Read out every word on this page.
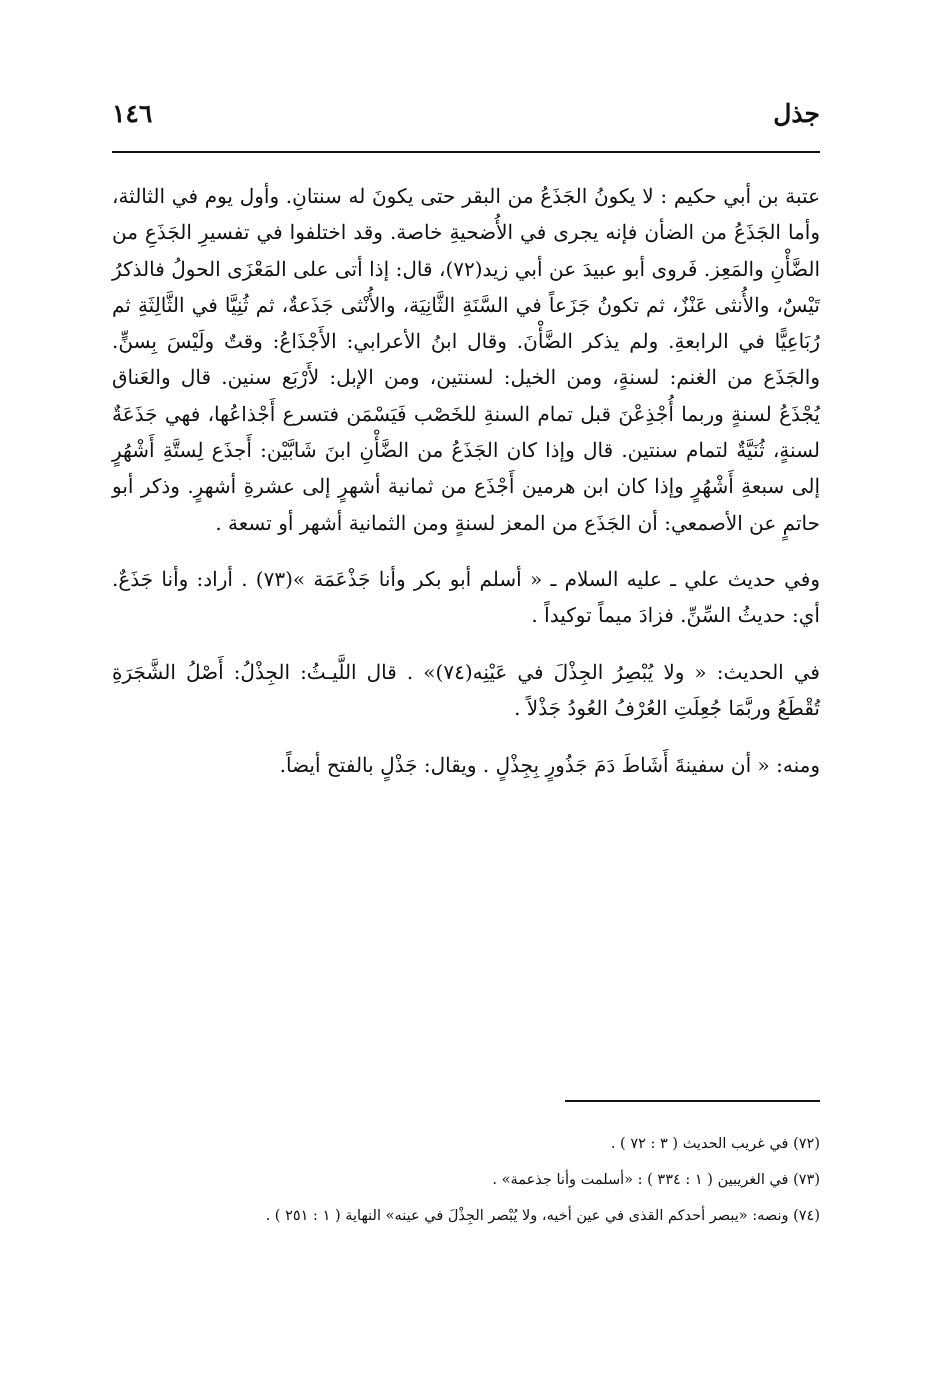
جذل
١٤٦

عتبة بن أبي حكيم : لا يكونُ الجَذَعُ من البقر حتى يكونَ له سنتانِ. وأول يوم في الثالثة، وأما الجَذَعُ من الضأن فإنه يجرى في الأُضحيةِ خاصة. وقد اختلفوا في تفسيرِ الجَذَعِ من الضَّأْنِ والمَعِز. فَروى أبو عبيدَ عن أبي زيد(٧٢)، قال: إذا أتى على المَعْزَى الحولُ فالذكرُ تَيْسٌ، والأُنثى عَنْزٌ، ثم تكونُ جَزَعاً في السَّنَةِ الثَّانِيَة، والأُنْثى جَذَعةٌ، ثم ثُنِيَّا في الثَّالِثَةِ ثم رُبَاعِيًّا في الرابعةِ. ولم يذكر الضَّأْنَ. وقال ابنُ الأعرابي: الأَجْذَاعُ: وقتٌ ولَيْسَ بِسنٍّ. والجَذَع من الغنم: لسنةٍ، ومن الخيل: لسنتين، ومن الإبل: لأَرْبَع سنين. قال والعَناق يُجْذَعُ لسنةٍ وربما أُجْذِعْنَ قبل تمام السنةِ للخَصْب فَيَسْمَن فتسرع أَجْذاعُها، فهي جَذَعَةٌ لسنةٍ، ثُنَيَّةٌ لتمام سنتين. قال وإذا كان الجَذَعُ من الضَّأْنِ ابنَ شَابَّيْن: أَجذَع لِستَّةِ أَشْهُرٍ إلى سبعةِ أَشْهُرٍ وإذا كان ابن هرمين أَجْذَع من ثمانية أشهرٍ إلى عشرةِ أشهرٍ. وذكر أبو حاتمٍ عن الأصمعي: أن الجَذَع من المعز لسنةٍ ومن الثمانية أشهر أو تسعة .

وفي حديث علي ـ عليه السلام ـ « أسلم أبو بكر وأنا جَذْعَمَة »(٧٣) . أراد: وأنا جَذَعٌ. أي: حديثُ السِّنِّ. فزادَ ميماً توكيداً .

في الحديث: « ولا يُبْصِرُ الجِذْلَ في عَيْنِه(٧٤)» . قال اللَّيـثُ: الجِذْلُ: أَصْلُ الشَّجَرَةِ تُقْطَعُ وربَّمَا جُعِلَتِ العُرْفُ العُودُ جَذْلاً .

ومنه: « أن سفينةَ أَشَاطَ دَمَ جَذُورٍ بِجِذْلٍ . ويقال: جَذْلٍ بالفتح أيضاً.

(٧٢) في غريب الحديث ( ٣ : ٧٢ ) .

(٧٣) في الغريبين ( ١ : ٣٣٤ ) : «أسلمت وأنا جذعمة» .

(٧٤) ونصه: «يبصر أحدكم القذى في عين أخيه، ولا يُبْصر الجِذْلَ في عينه» النهاية ( ١ : ٢٥١ ) .
